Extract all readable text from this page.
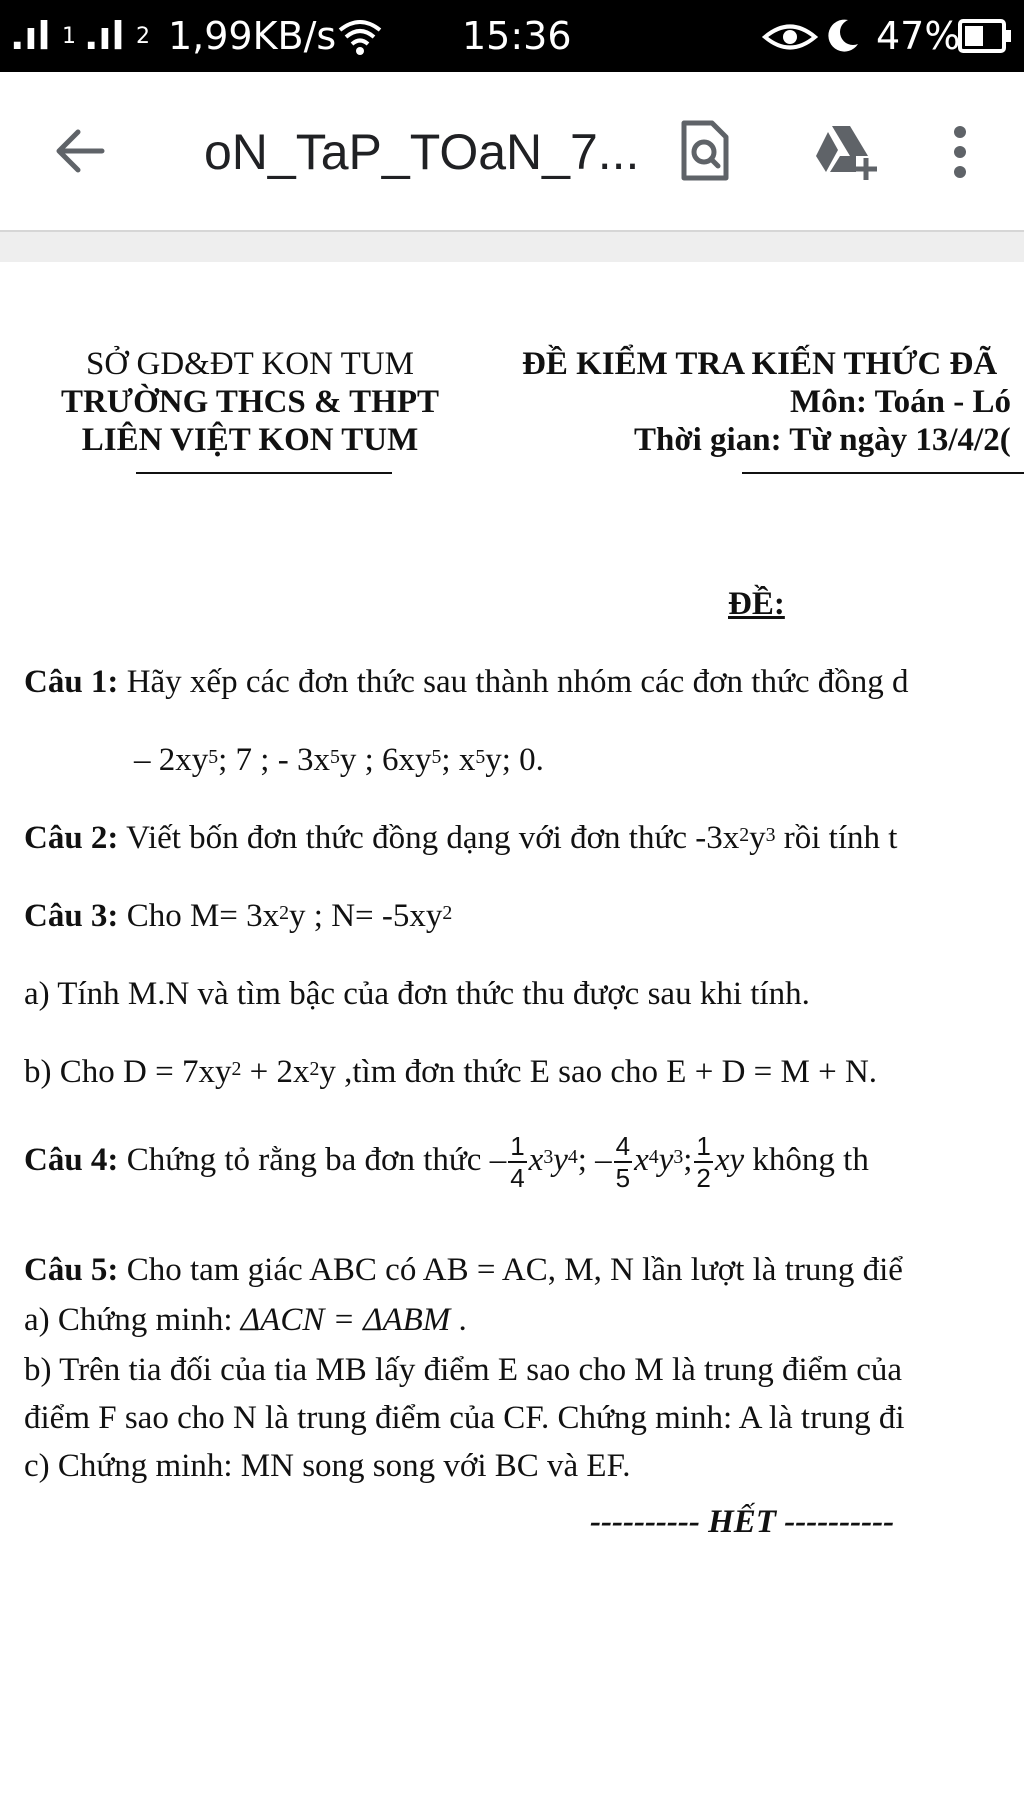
.ıl 1 .ıl 2 1,99KB/s	15:36	47%
oN_TaP_TOaN_7...
SỞ GD&ĐT KON TUM
TRƯỜNG THCS & THPT
LIÊN VIỆT KON TUM
ĐỀ KIỂM TRA KIẾN THỨC ĐÃ
Môn: Toán - Ló
Thời gian: Từ ngày 13/4/2(
ĐỀ:
Câu 1: Hãy xếp các đơn thức sau thành nhóm các đơn thức đồng d
– $2xy^5$; 7 ; - $3x^5y$ ; $6xy^5$; $x^5y$; 0.
Câu 2: Viết bốn đơn thức đồng dạng với đơn thức $-3x^2y^3$ rồi tính t
Câu 3: Cho $M= 3x^2y$ ; $N= -5xy^2$
a) Tính M.N và tìm bậc của đơn thức thu được sau khi tính.
b) Cho $D = 7xy^2 + 2x^2y$ ,tìm đơn thức E sao cho E + D = M + N.
Câu 4: Chứng tỏ rằng ba đơn thức – $\frac{1}{4} x^3y^4$; – $\frac{4}{5} x^4y^3$; $\frac{1}{2}$ xy không th
Câu 5: Cho tam giác ABC có AB = AC, M, N lần lượt là trung điể
a) Chứng minh: ΔACN = ΔABM .
b) Trên tia đối của tia MB lấy điểm E sao cho M là trung điểm của
điểm F sao cho N là trung điểm của CF. Chứng minh: A là trung đi
c) Chứng minh: MN song song với BC và EF.
---------- HẾT ----------
